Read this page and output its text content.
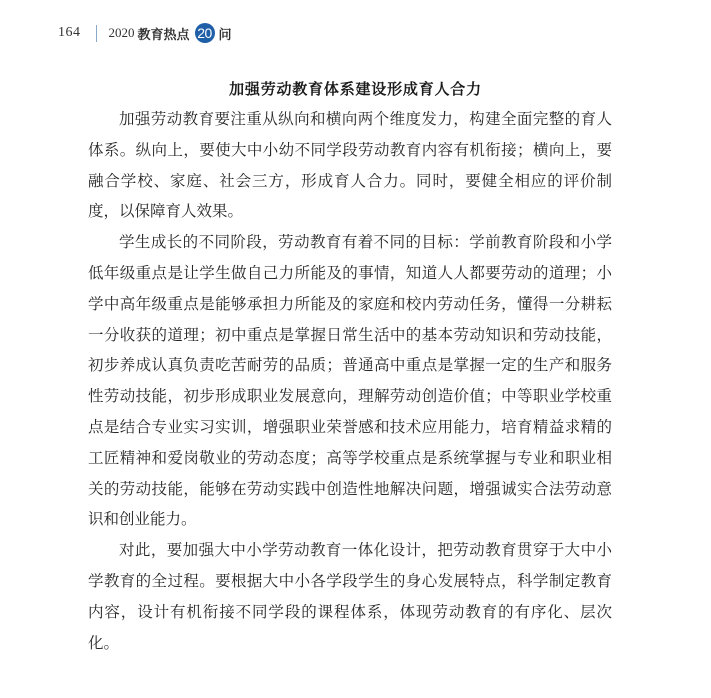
164 2020 教育热点 20 问
加强劳动教育体系建设形成育人合力

加强劳动教育要注重从纵向和横向两个维度发力，构建全面完整的育人体系。纵向上，要使大中小幼不同学段劳动教育内容有机衔接；横向上，要融合学校、家庭、社会三方，形成育人合力。同时，要健全相应的评价制度，以保障育人效果。

学生成长的不同阶段，劳动教育有着不同的目标：学前教育阶段和小学低年级重点是让学生做自己力所能及的事情，知道人人都要劳动的道理；小学中高年级重点是能够承担力所能及的家庭和校内劳动任务，懂得一分耕耘一分收获的道理；初中重点是掌握日常生活中的基本劳动知识和劳动技能，初步养成认真负责吃苦耐劳的品质；普通高中重点是掌握一定的生产和服务性劳动技能，初步形成职业发展意向，理解劳动创造价值；中等职业学校重点是结合专业实习实训，增强职业荣誉感和技术应用能力，培育精益求精的工匠精神和爱岗敬业的劳动态度；高等学校重点是系统掌握与专业和职业相关的劳动技能，能够在劳动实践中创造性地解决问题，增强诚实合法劳动意识和创业能力。

对此，要加强大中小学劳动教育一体化设计，把劳动教育贯穿于大中小学教育的全过程。要根据大中小各学段学生的身心发展特点，科学制定教育内容，设计有机衔接不同学段的课程体系，体现劳动教育的有序化、层次化。
